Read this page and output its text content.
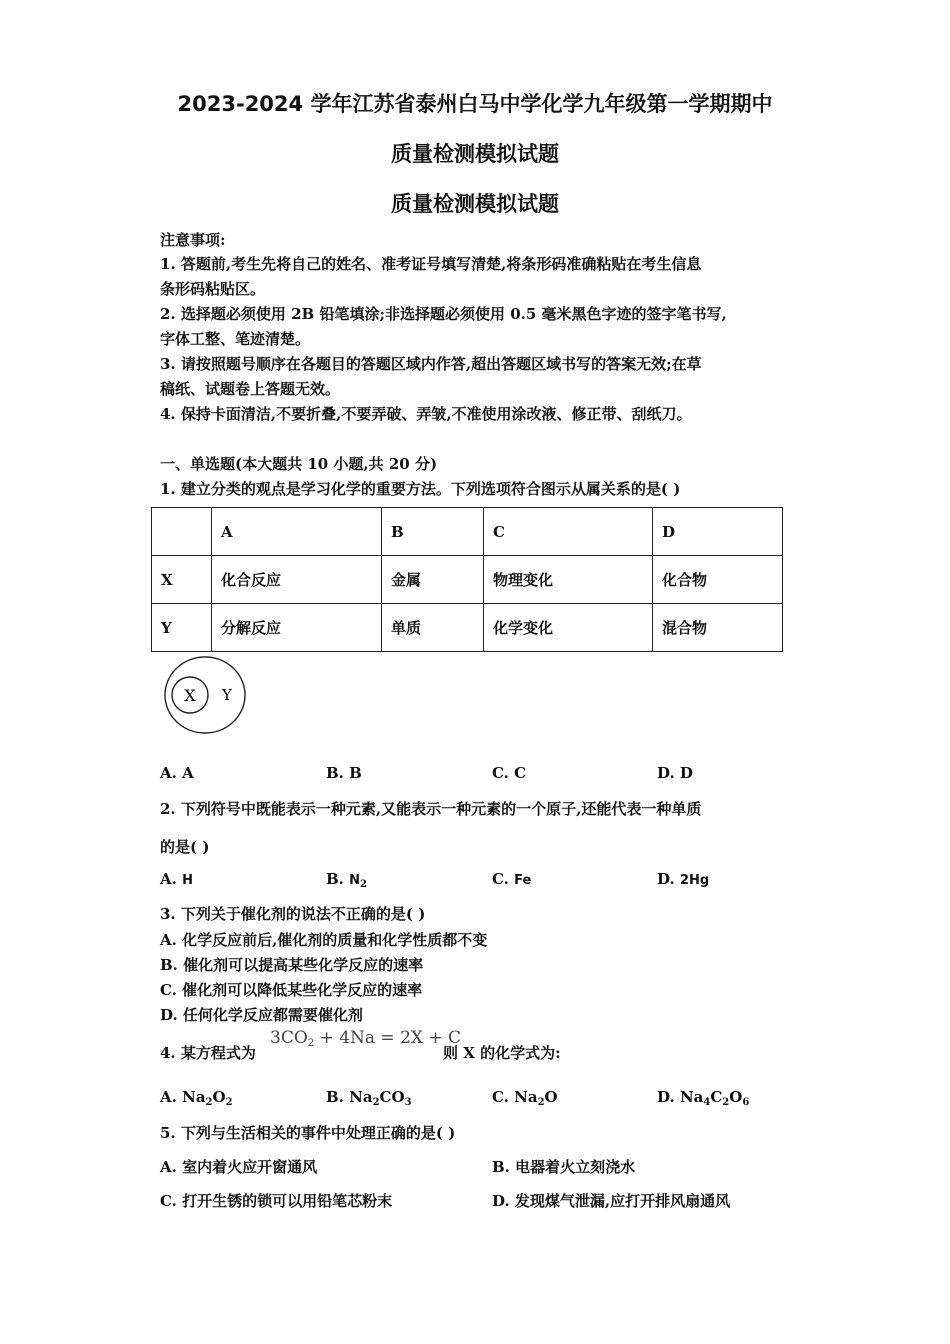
2023-2024 学年江苏省泰州白马中学化学九年级第一学期期中
质量检测模拟试题
质量检测模拟试题
注意事项:
1. 答题前,考生先将自己的姓名、准考证号填写清楚,将条形码准确粘贴在考生信息
条形码粘贴区。
2. 选择题必须使用 2B 铅笔填涂;非选择题必须使用 0.5 毫米黑色字迹的签字笔书写,
字体工整、笔迹清楚。
3. 请按照题号顺序在各题目的答题区域内作答,超出答题区域书写的答案无效;在草
稿纸、试题卷上答题无效。
4. 保持卡面清洁,不要折叠,不要弄破、弄皱,不准使用涂改液、修正带、刮纸刀。
一、单选题(本大题共 10 小题,共 20 分)
1. 建立分类的观点是学习化学的重要方法。下列选项符合图示从属关系的是( )
	A	B	C	D
X	化合反应	金属	物理变化	化合物
Y	分解反应	单质	化学变化	混合物
X Y
A. A	B. B	C. C	D. D
2. 下列符号中既能表示一种元素,又能表示一种元素的一个原子,还能代表一种单质
的是( )
A. H	B. $N_2$	C. Fe	D. 2Hg
3. 下列关于催化剂的说法不正确的是( )
A. 化学反应前后,催化剂的质量和化学性质都不变
B. 催化剂可以提高某些化学反应的速率
C. 催化剂可以降低某些化学反应的速率
D. 任何化学反应都需要催化剂
4. 某方程式为
3CO2 + 4Na = 2X + C
则 X 的化学式为:
A. $Na_2O_2$	B. $Na_2CO_3$	C. $Na_2O$	D. $Na_4C_2O_6$
5. 下列与生活相关的事件中处理正确的是( )
A. 室内着火应开窗通风	B. 电器着火立刻浇水
C. 打开生锈的锁可以用铅笔芯粉末	D. 发现煤气泄漏,应打开排风扇通风
